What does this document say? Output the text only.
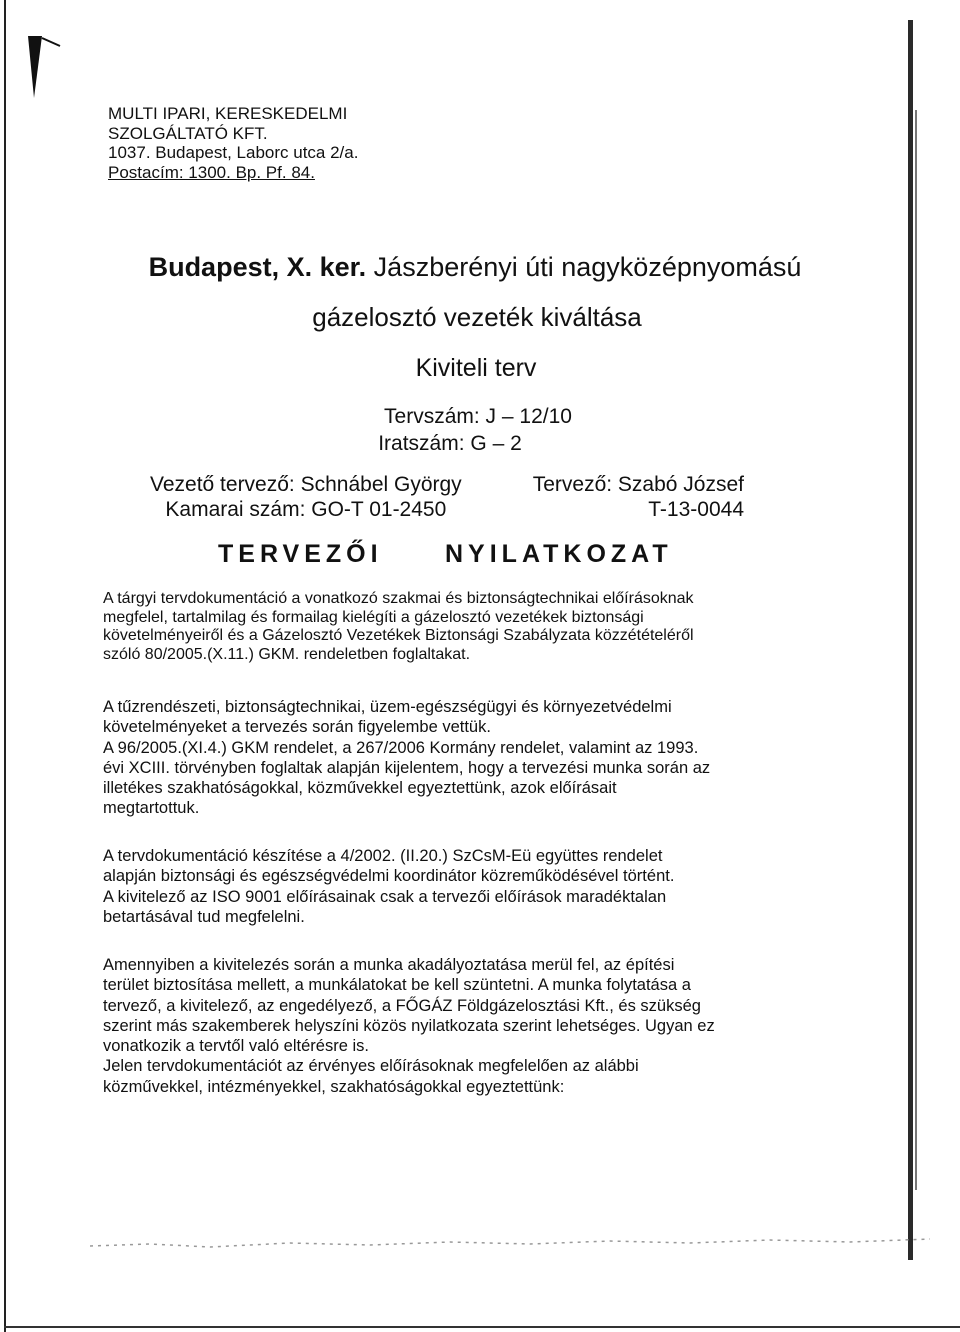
MULTI IPARI, KERESKEDELMI
SZOLGÁLTATÓ KFT.
1037. Budapest, Laborc utca 2/a.
Postacím: 1300. Bp. Pf. 84.
Budapest, X. ker. Jászberényi úti nagyközépnyomású
gázelosztó vezeték kiváltása
Kiviteli terv
Tervszám: J – 12/10
Iratszám: G – 2
Vezető tervező: Schnábel György
Kamarai szám: GO-T 01-2450
Tervező: Szabó József
T-13-0044
TERVEZŐI NYILATKOZAT

A tárgyi tervdokumentáció a vonatkozó szakmai és biztonságtechnikai előírásoknak

megfelel, tartalmilag és formailag kielégíti a gázelosztó vezetékek biztonsági

követelményeiről és a Gázelosztó Vezetékek Biztonsági Szabályzata közzétételéről

szóló 80/2005.(X.11.) GKM. rendeletben foglaltakat.

A tűzrendészeti, biztonságtechnikai, üzem-egészségügyi és környezetvédelmi

követelményeket a tervezés során figyelembe vettük.

A 96/2005.(XI.4.) GKM rendelet, a 267/2006 Kormány rendelet, valamint az 1993.

évi XCIII. törvényben foglaltak alapján kijelentem, hogy a tervezési munka során az

illetékes szakhatóságokkal, közművekkel egyeztettünk, azok előírásait

megtartottuk.

A tervdokumentáció készítése a 4/2002. (II.20.) SzCsM-Eü együttes rendelet

alapján biztonsági és egészségvédelmi koordinátor közreműködésével történt.

A kivitelező az ISO 9001 előírásainak csak a tervezői előírások maradéktalan

betartásával tud megfelelni.

Amennyiben a kivitelezés során a munka akadályoztatása merül fel, az építési

terület biztosítása mellett, a munkálatokat be kell szüntetni. A munka folytatása a

tervező, a kivitelező, az engedélyező, a FŐGÁZ Földgázelosztási Kft., és szükség

szerint más szakemberek helyszíni közös nyilatkozata szerint lehetséges. Ugyan ez

vonatkozik a tervtől való eltérésre is.

Jelen tervdokumentációt az érvényes előírásoknak megfelelően az alábbi

közművekkel, intézményekkel, szakhatóságokkal egyeztettünk:
